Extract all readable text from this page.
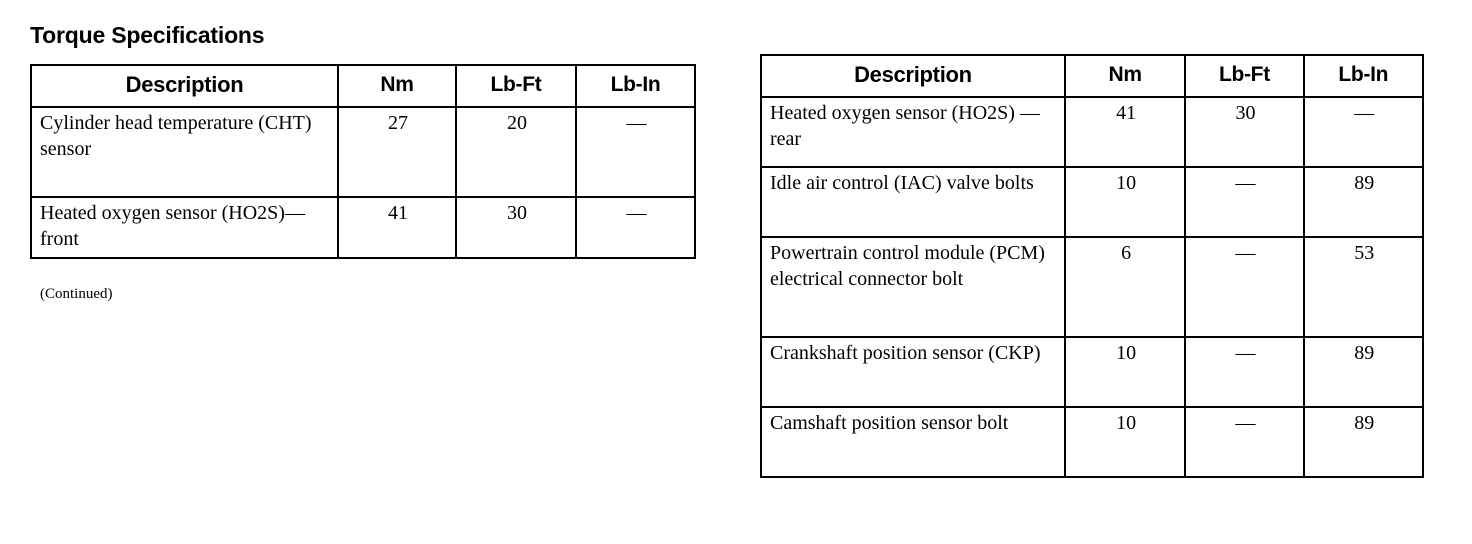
Torque Specifications
Description	Nm	Lb-Ft	Lb-In
Cylinder head temperature (CHT) sensor	27	20	—
Heated oxygen sensor (HO2S)— front	41	30	—
(Continued)
Description	Nm	Lb-Ft	Lb-In
Heated oxygen sensor (HO2S) — rear	41	30	—
Idle air control (IAC) valve bolts	10	—	89
Powertrain control module (PCM) electrical connector bolt	6	—	53
Crankshaft position sensor (CKP)	10	—	89
Camshaft position sensor bolt	10	—	89
